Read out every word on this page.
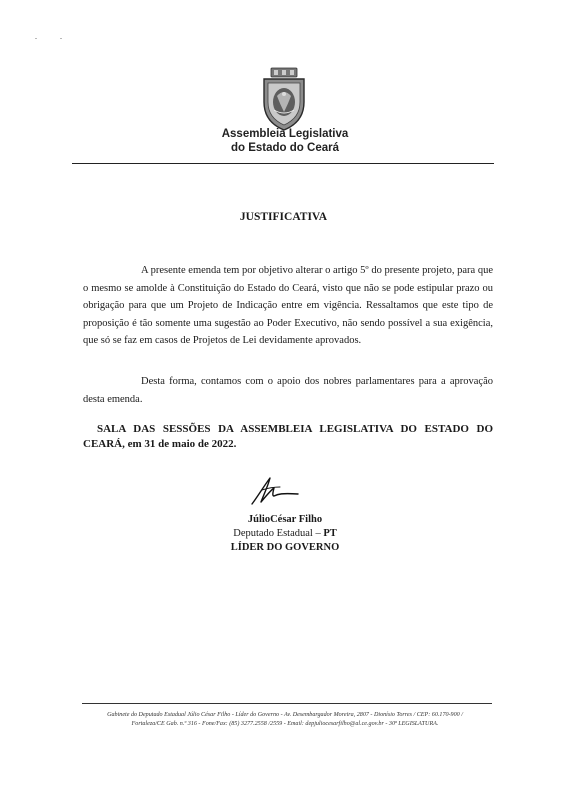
Assembleia Legislativa
do Estado do Ceará
JUSTIFICATIVA

A presente emenda tem por objetivo alterar o artigo 5º do presente projeto, para que o mesmo se amolde à Constituição do Estado do Ceará, visto que não se pode estipular prazo ou obrigação para que um Projeto de Indicação entre em vigência. Ressaltamos que este tipo de proposição é tão somente uma sugestão ao Poder Executivo, não sendo possível a sua exigência, que só se faz em casos de Projetos de Lei devidamente aprovados.

Desta forma, contamos com o apoio dos nobres parlamentares para a aprovação desta emenda.

SALA DAS SESSÕES DA ASSEMBLEIA LEGISLATIVA DO ESTADO DO CEARÁ, em 31 de maio de 2022.

JúlioCésar Filho
Deputado Estadual – PT
LÍDER DO GOVERNO
Gabinete do Deputado Estadual Júlio César Filho - Líder do Governo - Av. Desembargador Moreira, 2807 - Dionísio Torres / CEP: 60.170-900 /
Fortaleza/CE Gab. n.º 316 - Fone/Fax: (85) 3277.2558 /2559 - Email: depjuliocesarfilho@al.ce.gov.br - 30ª LEGISLATURA.
